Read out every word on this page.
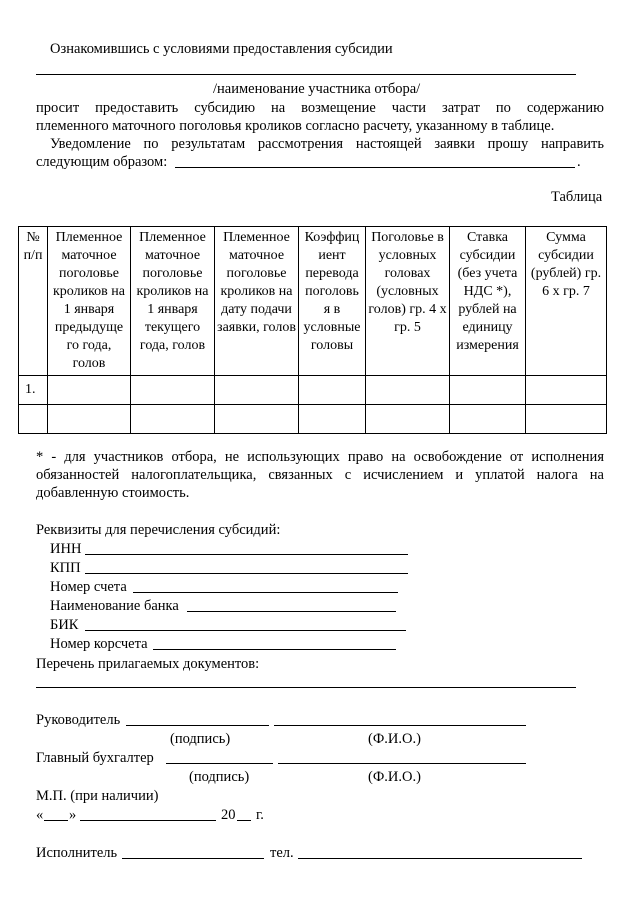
Ознакомившись с условиями предоставления субсидии
/наименование участника отбора/
просит предоставить субсидию на возмещение части затрат по содержанию
племенного маточного поголовья кроликов согласно расчету, указанному в таблице.
Уведомление по результатам рассмотрения настоящей заявки прошу направить
следующим образом:	.
Таблица
№ п/п	Племенное маточное поголовье кроликов на 1 января предыдуще го года, голов	Племенное маточное поголовье кроликов на 1 января текущего года, голов	Племенное маточное поголовье кроликов на дату подачи заявки, голов	Коэффиц иент перевода поголовь я в условные головы	Поголовье в условных головах (условных голов) гр. 4 х гр. 5	Ставка субсидии (без учета НДС *), рублей на единицу измерения	Сумма субсидии (рублей) гр. 6 х гр. 7
1.							

* - для участников отбора, не использующих право на освобождение от исполнения
обязанностей налогоплательщика, связанных с исчислением и уплатой налога на
добавленную стоимость.
Реквизиты для перечисления субсидий:
ИНН
КПП
Номер счета
Наименование банка
БИК
Номер корсчета
Перечень прилагаемых документов:
Руководитель
(подпись)	(Ф.И.О.)
Главный бухгалтер
(подпись)	(Ф.И.О.)
М.П. (при наличии)
« »	20 г.
Исполнитель	тел.
